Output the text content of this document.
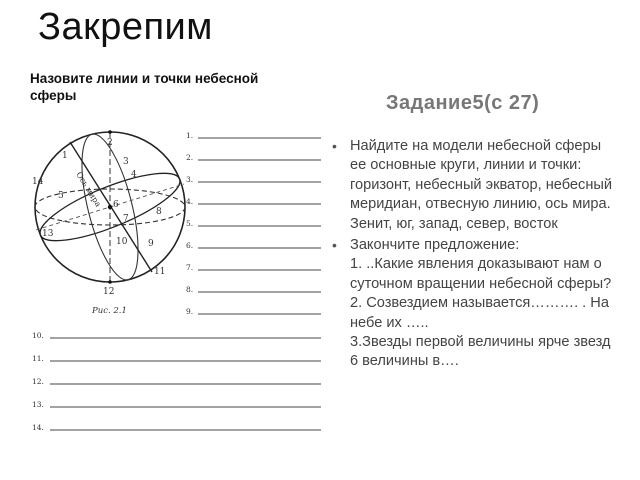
Закрепим
Назовите линии и точки небесной сферы	Задание5(с 27)
• Найдите на модели небесной сферы ее основные круги, линии и точки: горизонт, небесный экватор, небесный меридиан, отвесную линию, ось мира. Зенит, юг, запад, север, восток
• Закончите предложение:
1. ..Какие явления доказывают нам о суточном вращении небесной сферы?
2. Созвездием называется………. . На небе их …..
3.Звезды первой величины ярче звезд 6 величины в….
Ось мира
1
2
3
4
5
6
7
8
9
10
11
12
13
14
Рис. 2.1
1.
2.
3.
4.
5.
6.
7.
8.
9.
10.
11.
12.
13.
14.
